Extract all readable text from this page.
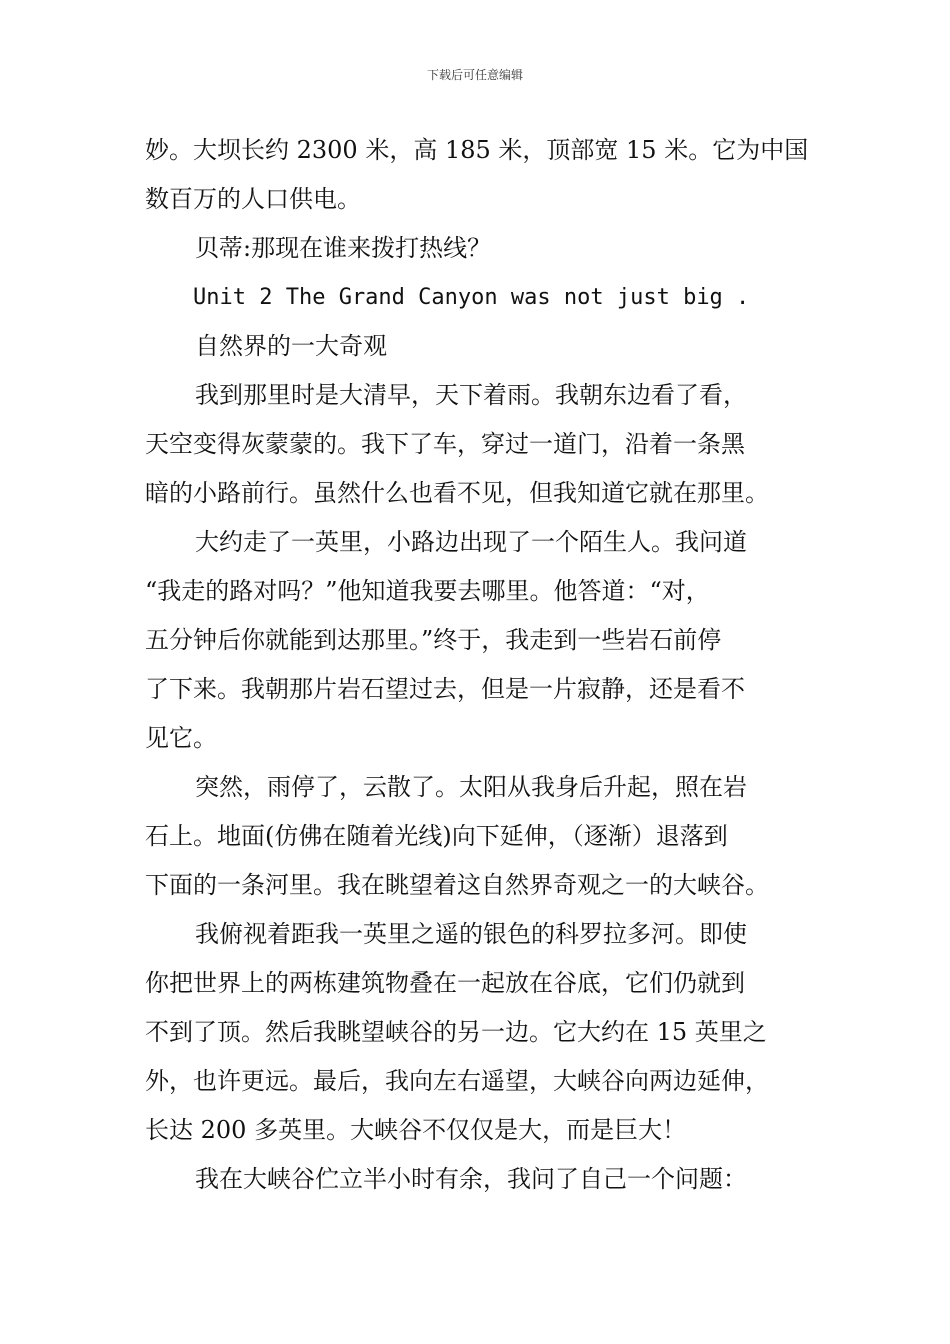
下载后可任意编辑
妙。大坝长约 2300 米，高 185 米，顶部宽 15 米。它为中国
数百万的人口供电。
贝蒂:那现在谁来拨打热线？
Unit 2 The Grand Canyon was not just big .
自然界的一大奇观
我到那里时是大清早，天下着雨。我朝东边看了看，
天空变得灰蒙蒙的。我下了车，穿过一道门，沿着一条黑
暗的小路前行。虽然什么也看不见，但我知道它就在那里。
大约走了一英里，小路边出现了一个陌生人。我问道
“我走的路对吗？”他知道我要去哪里。他答道：“对，
五分钟后你就能到达那里。”终于，我走到一些岩石前停
了下来。我朝那片岩石望过去，但是一片寂静，还是看不
见它。
突然，雨停了，云散了。太阳从我身后升起，照在岩
石上。地面(仿佛在随着光线)向下延伸，（逐渐）退落到
下面的一条河里。我在眺望着这自然界奇观之一的大峡谷。
我俯视着距我一英里之遥的银色的科罗拉多河。即使
你把世界上的两栋建筑物叠在一起放在谷底，它们仍就到
不到了顶。然后我眺望峡谷的另一边。它大约在 15 英里之
外，也许更远。最后，我向左右遥望，大峡谷向两边延伸，
长达 200 多英里。大峡谷不仅仅是大，而是巨大！
我在大峡谷伫立半小时有余，我问了自己一个问题：
